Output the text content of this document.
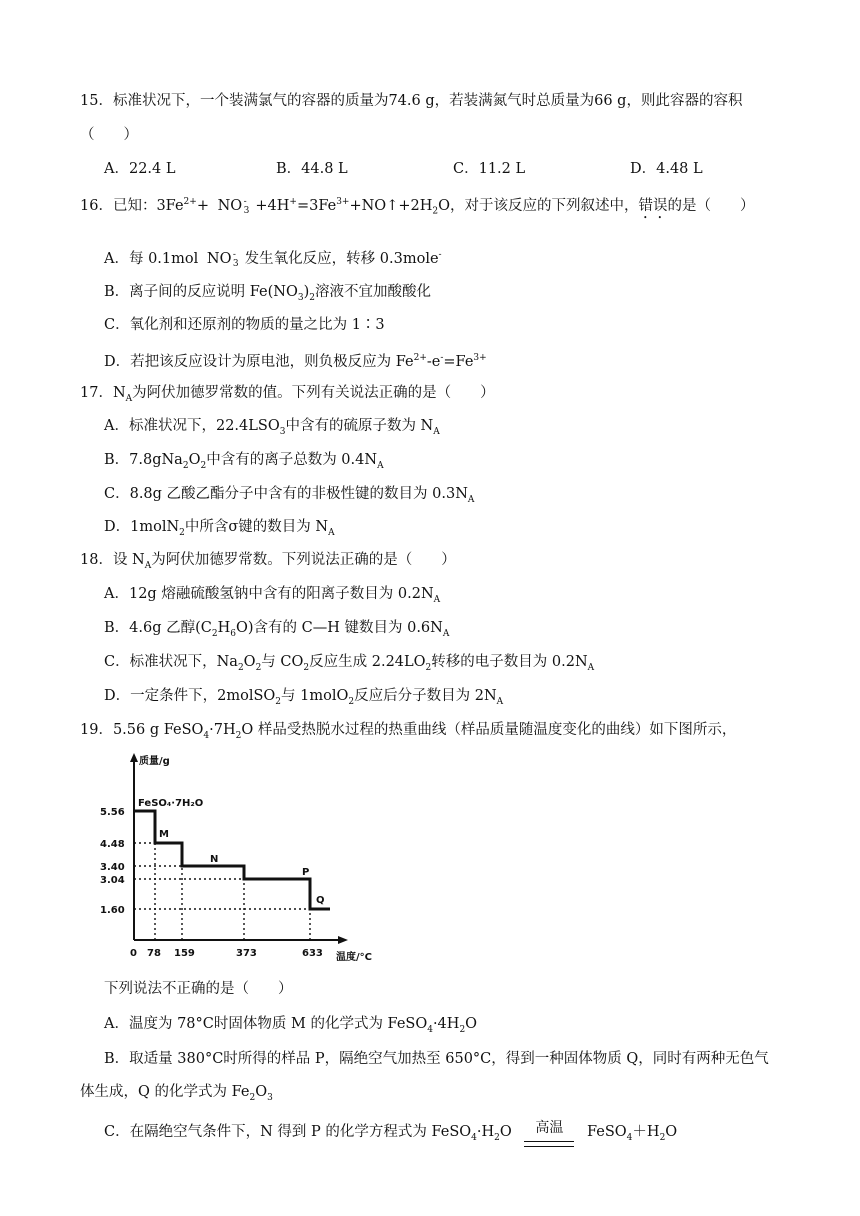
15．标准状况下，一个装满氯气的容器的质量为74.6 g，若装满氮气时总质量为66 g，则此容器的容积
（　　）
A．22.4 L	B．44.8 L	C．11.2 L	D．4.48 L
16．已知：$3Fe^{2+}+$ NO -
$3 +4H^+=3Fe^{3+}+NO↑+2H_2O$，对于该反应的下列叙述中，错误的是（　　）
A．每 0.1mol NO -
3 发生氧化反应，转移 0.3mole-
B．离子间的反应说明 $Fe(NO_3)_2$溶液不宜加酸酸化
C．氧化剂和还原剂的物质的量之比为 1∶3
D．若把该反应设计为原电池，则负极反应为 $Fe^{2+}-e^-=Fe^{3+}$
17．$N_A$为阿伏加德罗常数的值。下列有关说法正确的是（　　）
A．标准状况下，$22.4LSO_3$中含有的硫原子数为 $N_A$
B．$7.8gNa_2O_2$中含有的离子总数为 $0.4N_A$
C．8.8g 乙酸乙酯分子中含有的非极性键的数目为 $0.3N_A$
D．1molN$_2$中所含σ键的数目为 $N_A$
18．设 $N_A$为阿伏加德罗常数。下列说法正确的是（　　）
A．12g 熔融硫酸氢钠中含有的阳离子数目为 $0.2N_A$
B．4.6g 乙醇$(C_2H_6O)$含有的 C—H 键数目为 $0.6N_A$
C．标准状况下，$Na_2O_2$与 $CO_2$反应生成 $2.24LO_2$转移的电子数目为 $0.2N_A$
D．一定条件下，2molSO$_2$与 1molO$_2$反应后分子数目为 $2N_A$
19．5.56 g $FeSO_4\cdot 7H_2O$ 样品受热脱水过程的热重曲线（样品质量随温度变化的曲线）如下图所示，
质量/g
温度/°C
5.56
4.48
3.40
3.04
1.60
0 78 159	373	633
FeSO₄·7H₂O
M
N
P
Q
下列说法不正确的是（　　）
A．温度为 78°C时固体物质 M 的化学式为 $FeSO_4\cdot 4H_2O$
B．取适量 380°C时所得的样品 P，隔绝空气加热至 650°C，得到一种固体物质 Q，同时有两种无色气
体生成，Q 的化学式为 $Fe_2O_3$
C．在隔绝空气条件下，N 得到 P 的化学方程式为 $FeSO_4\cdot H_2O$	高温	$FeSO_4+H_2O$
